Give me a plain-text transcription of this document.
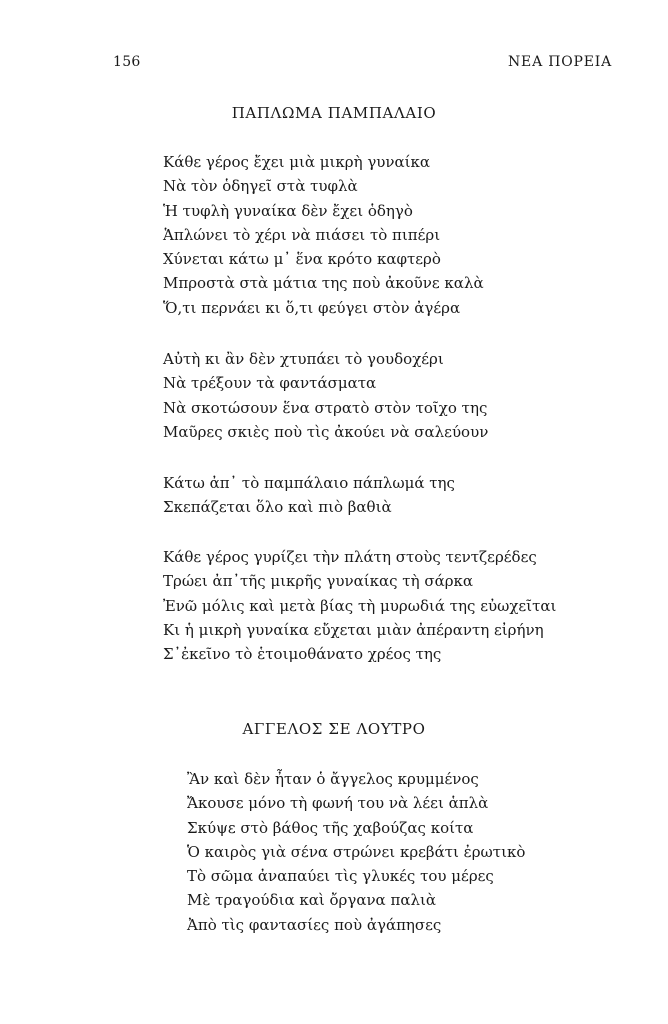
156	ΝΕΑ ΠΟΡΕΙΑ
ΠΑΠΛΩΜΑ ΠΑΜΠΑΛΑΙΟ
Κάθε γέρος ἔχει μιὰ μικρὴ γυναίκα
Νὰ τὸν ὁδηγεῖ στὰ τυφλὰ
Ἡ τυφλὴ γυναίκα δὲν ἔχει ὁδηγὸ
Ἁπλώνει τὸ χέρι νὰ πιάσει τὸ πιπέρι
Χύνεται κάτω μ᾿ ἕνα κρότο καφτερὸ
Μπροστὰ στὰ μάτια της ποὺ ἀκοῦνε καλὰ
Ὅ,τι περνάει κι ὅ,τι φεύγει στὸν ἀγέρα
Αὐτὴ κι ἂν δὲν χτυπάει τὸ γουδοχέρι
Νὰ τρέξουν τὰ φαντάσματα
Νὰ σκοτώσουν ἕνα στρατὸ στὸν τοῖχο της
Μαῦρες σκιὲς ποὺ τὶς ἀκούει νὰ σαλεύουν
Κάτω ἀπ᾿ τὸ παμπάλαιο πάπλωμά της
Σκεπάζεται ὅλο καὶ πιὸ βαθιὰ
Κάθε γέρος γυρίζει τὴν πλάτη στοὺς τεντζερέδες
Τρώει ἀπ᾿τῆς μικρῆς γυναίκας τὴ σάρκα
Ἐνῶ μόλις καὶ μετὰ βίας τὴ μυρωδιά της εὐωχεῖται
Κι ἡ μικρὴ γυναίκα εὔχεται μιὰν ἀπέραντη εἰρήνη
Σ᾿ἐκεῖνο τὸ ἑτοιμοθάνατο χρέος της
ΑΓΓΕΛΟΣ ΣΕ ΛΟΥΤΡΟ
Ἂν καὶ δὲν ἦταν ὁ ἄγγελος κρυμμένος
Ἄκουσε μόνο τὴ φωνή του νὰ λέει ἁπλὰ
Σκύψε στὸ βάθος τῆς χαβούζας κοίτα
Ὁ καιρὸς γιὰ σένα στρώνει κρεβάτι ἐρωτικὸ
Τὸ σῶμα ἀναπαύει τὶς γλυκές του μέρες
Μὲ τραγούδια καὶ ὄργανα παλιὰ
Ἀπὸ τὶς φαντασίες ποὺ ἀγάπησες
